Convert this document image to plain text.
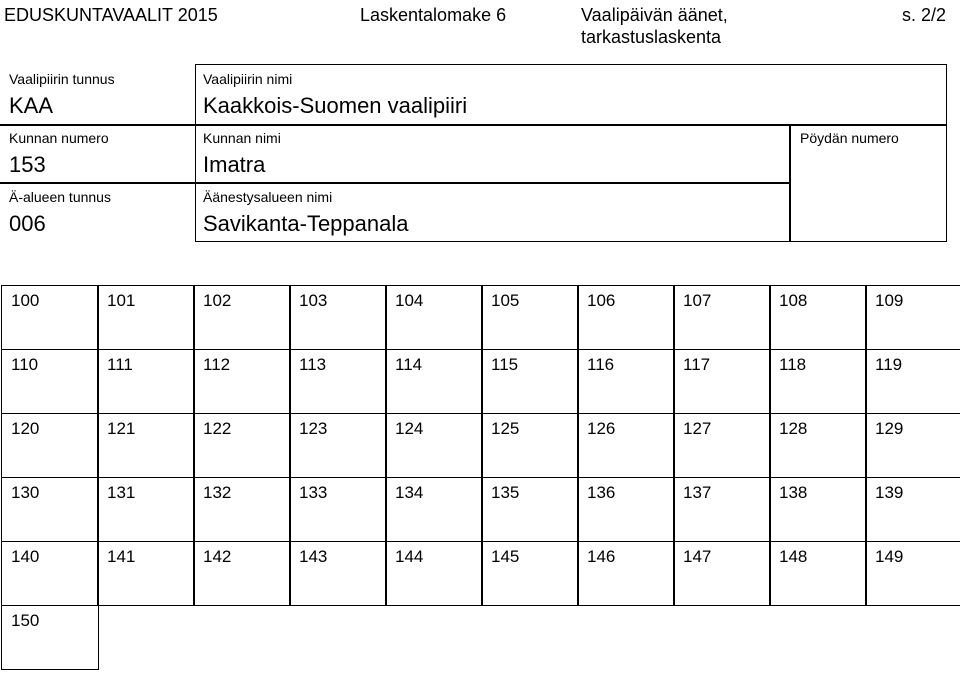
EDUSKUNTAVAALIT 2015	Laskentalomake 6	Vaalipäivän äänet,
tarkastuslaskenta
s. 2/2
Vaalipiirin tunnus
KAA
Vaalipiirin nimi
Kaakkois-Suomen vaalipiiri
Kunnan numero
153
Kunnan nimi
Imatra
Pöydän numero
Ä-alueen tunnus
006
Äänestysalueen nimi
Savikanta-Teppanala
100	101	102	103	104	105	106	107	108	109
110	111	112	113	114	115	116	117	118	119
120	121	122	123	124	125	126	127	128	129
130	131	132	133	134	135	136	137	138	139
140	141	142	143	144	145	146	147	148	149
150
